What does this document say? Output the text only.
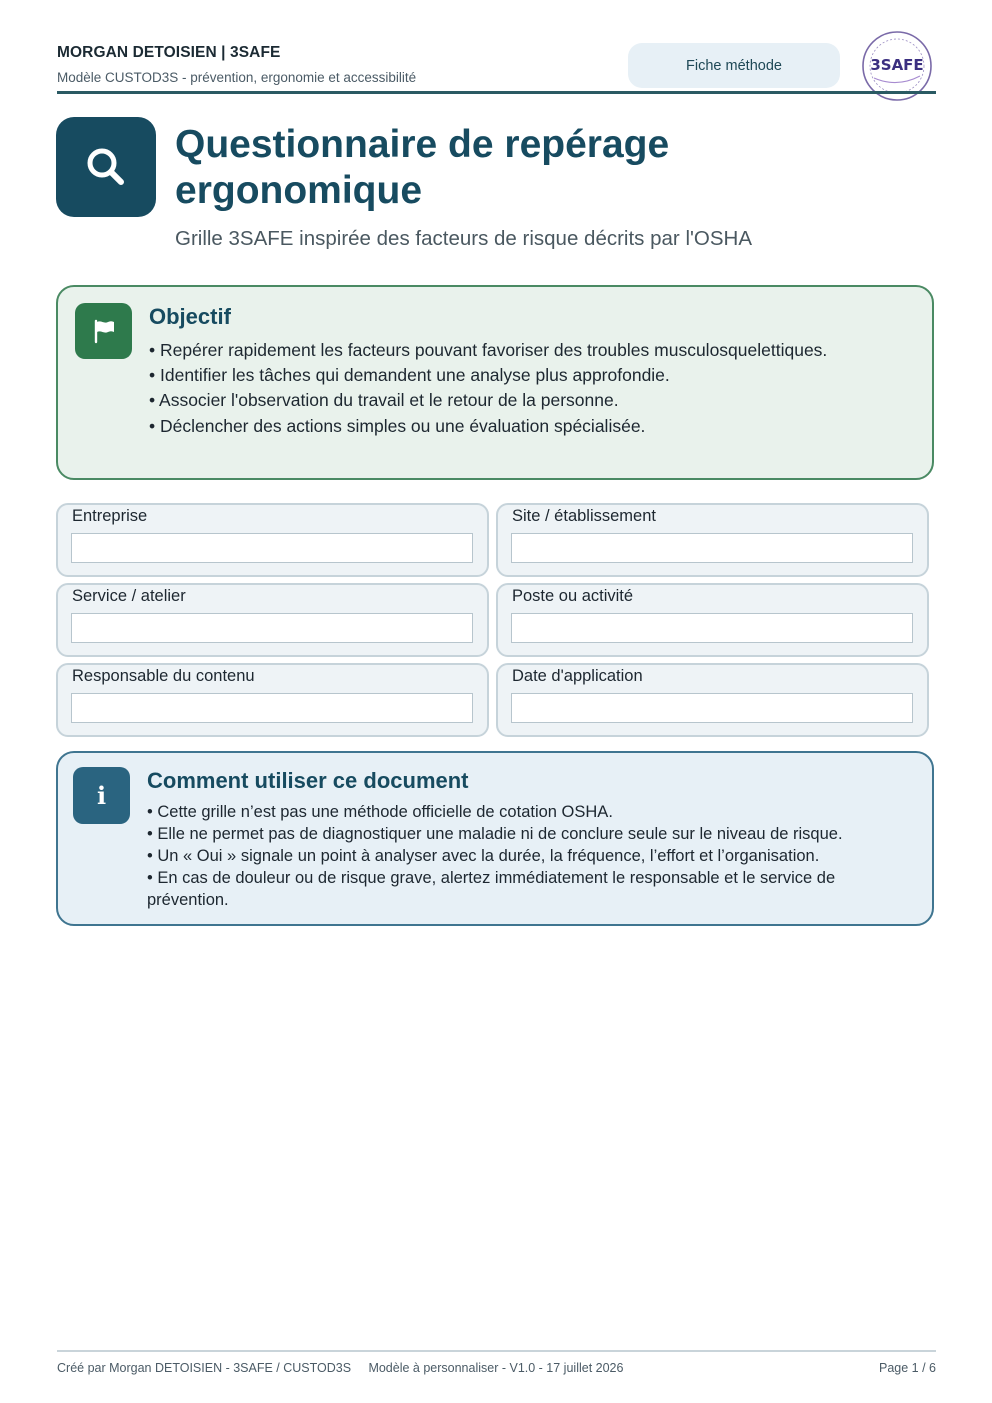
MORGAN DETOISIEN | 3SAFE
Modèle CUSTOD3S - prévention, ergonomie et accessibilité
Fiche méthode	3SAFE
Questionnaire de repérage
ergonomique
Grille 3SAFE inspirée des facteurs de risque décrits par l'OSHA
Objectif
• Repérer rapidement les facteurs pouvant favoriser des troubles musculosquelettiques.
• Identifier les tâches qui demandent une analyse plus approfondie.
• Associer l'observation du travail et le retour de la personne.
• Déclencher des actions simples ou une évaluation spécialisée.
Entreprise	Site / établissement
Service / atelier	Poste ou activité
Responsable du contenu	Date d'application
i
Comment utiliser ce document
• Cette grille n’est pas une méthode officielle de cotation OSHA.
• Elle ne permet pas de diagnostiquer une maladie ni de conclure seule sur le niveau de risque.
• Un « Oui » signale un point à analyser avec la durée, la fréquence, l’effort et l’organisation.
• En cas de douleur ou de risque grave, alertez immédiatement le responsable et le service de prévention.
Créé par Morgan DETOISIEN - 3SAFE / CUSTOD3S     Modèle à personnaliser - V1.0 - 17 juillet 2026	Page 1 / 6
